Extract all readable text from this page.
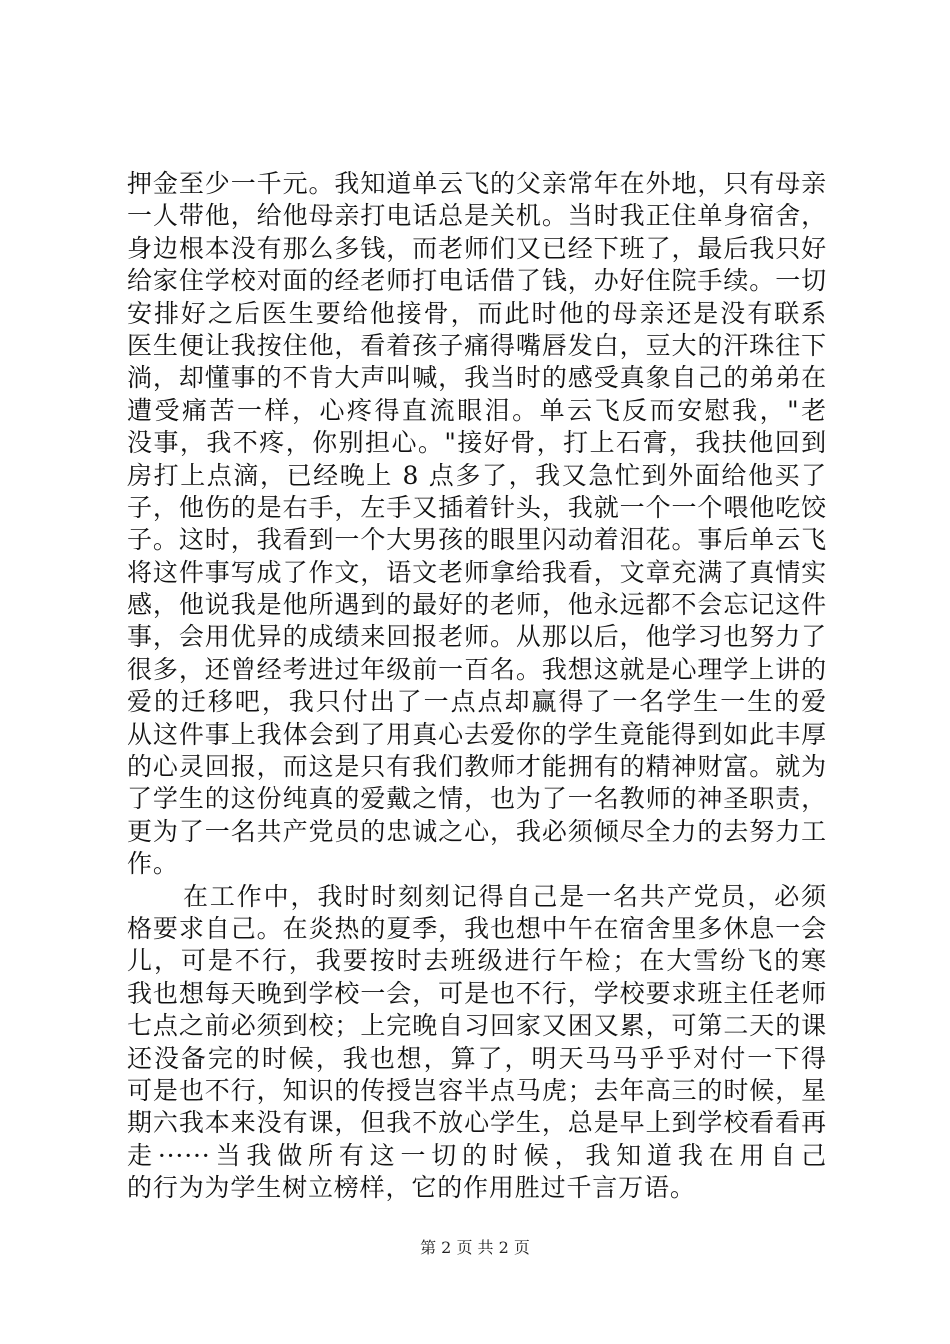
押金至少一千元。我知道单云飞的父亲常年在外地，只有母亲
一人带他，给他母亲打电话总是关机。当时我正住单身宿舍，
身边根本没有那么多钱，而老师们又已经下班了，最后我只好
给家住学校对面的经老师打电话借了钱，办好住院手续。一切
安排好之后医生要给他接骨，而此时他的母亲还是没有联系
医生便让我按住他，看着孩子痛得嘴唇发白，豆大的汗珠往下
淌，却懂事的不肯大声叫喊，我当时的感受真象自己的弟弟在
遭受痛苦一样，心疼得直流眼泪。单云飞反而安慰我，"老
没事，我不疼，你别担心。"接好骨，打上石膏，我扶他回到
房打上点滴，已经晚上 8 点多了，我又急忙到外面给他买了
子，他伤的是右手，左手又插着针头，我就一个一个喂他吃饺
子。这时，我看到一个大男孩的眼里闪动着泪花。事后单云飞
将这件事写成了作文，语文老师拿给我看，文章充满了真情实
感，他说我是他所遇到的最好的老师，他永远都不会忘记这件
事，会用优异的成绩来回报老师。从那以后，他学习也努力了
很多，还曾经考进过年级前一百名。我想这就是心理学上讲的
爱的迁移吧，我只付出了一点点却赢得了一名学生一生的爱
从这件事上我体会到了用真心去爱你的学生竟能得到如此丰厚
的心灵回报，而这是只有我们教师才能拥有的精神财富。就为
了学生的这份纯真的爱戴之情，也为了一名教师的神圣职责，
更为了一名共产党员的忠诚之心，我必须倾尽全力的去努力工
作。
在工作中，我时时刻刻记得自己是一名共产党员，必须
格要求自己。在炎热的夏季，我也想中午在宿舍里多休息一会
儿，可是不行，我要按时去班级进行午检；在大雪纷飞的寒
我也想每天晚到学校一会，可是也不行，学校要求班主任老师
七点之前必须到校；上完晚自习回家又困又累，可第二天的课
还没备完的时候，我也想，算了，明天马马乎乎对付一下得
可是也不行，知识的传授岂容半点马虎；去年高三的时候，星
期六我本来没有课，但我不放心学生，总是早上到学校看看再
走······当我做所有这一切的时候，我知道我在用自己
的行为为学生树立榜样，它的作用胜过千言万语。
第 2 页 共 2 页
